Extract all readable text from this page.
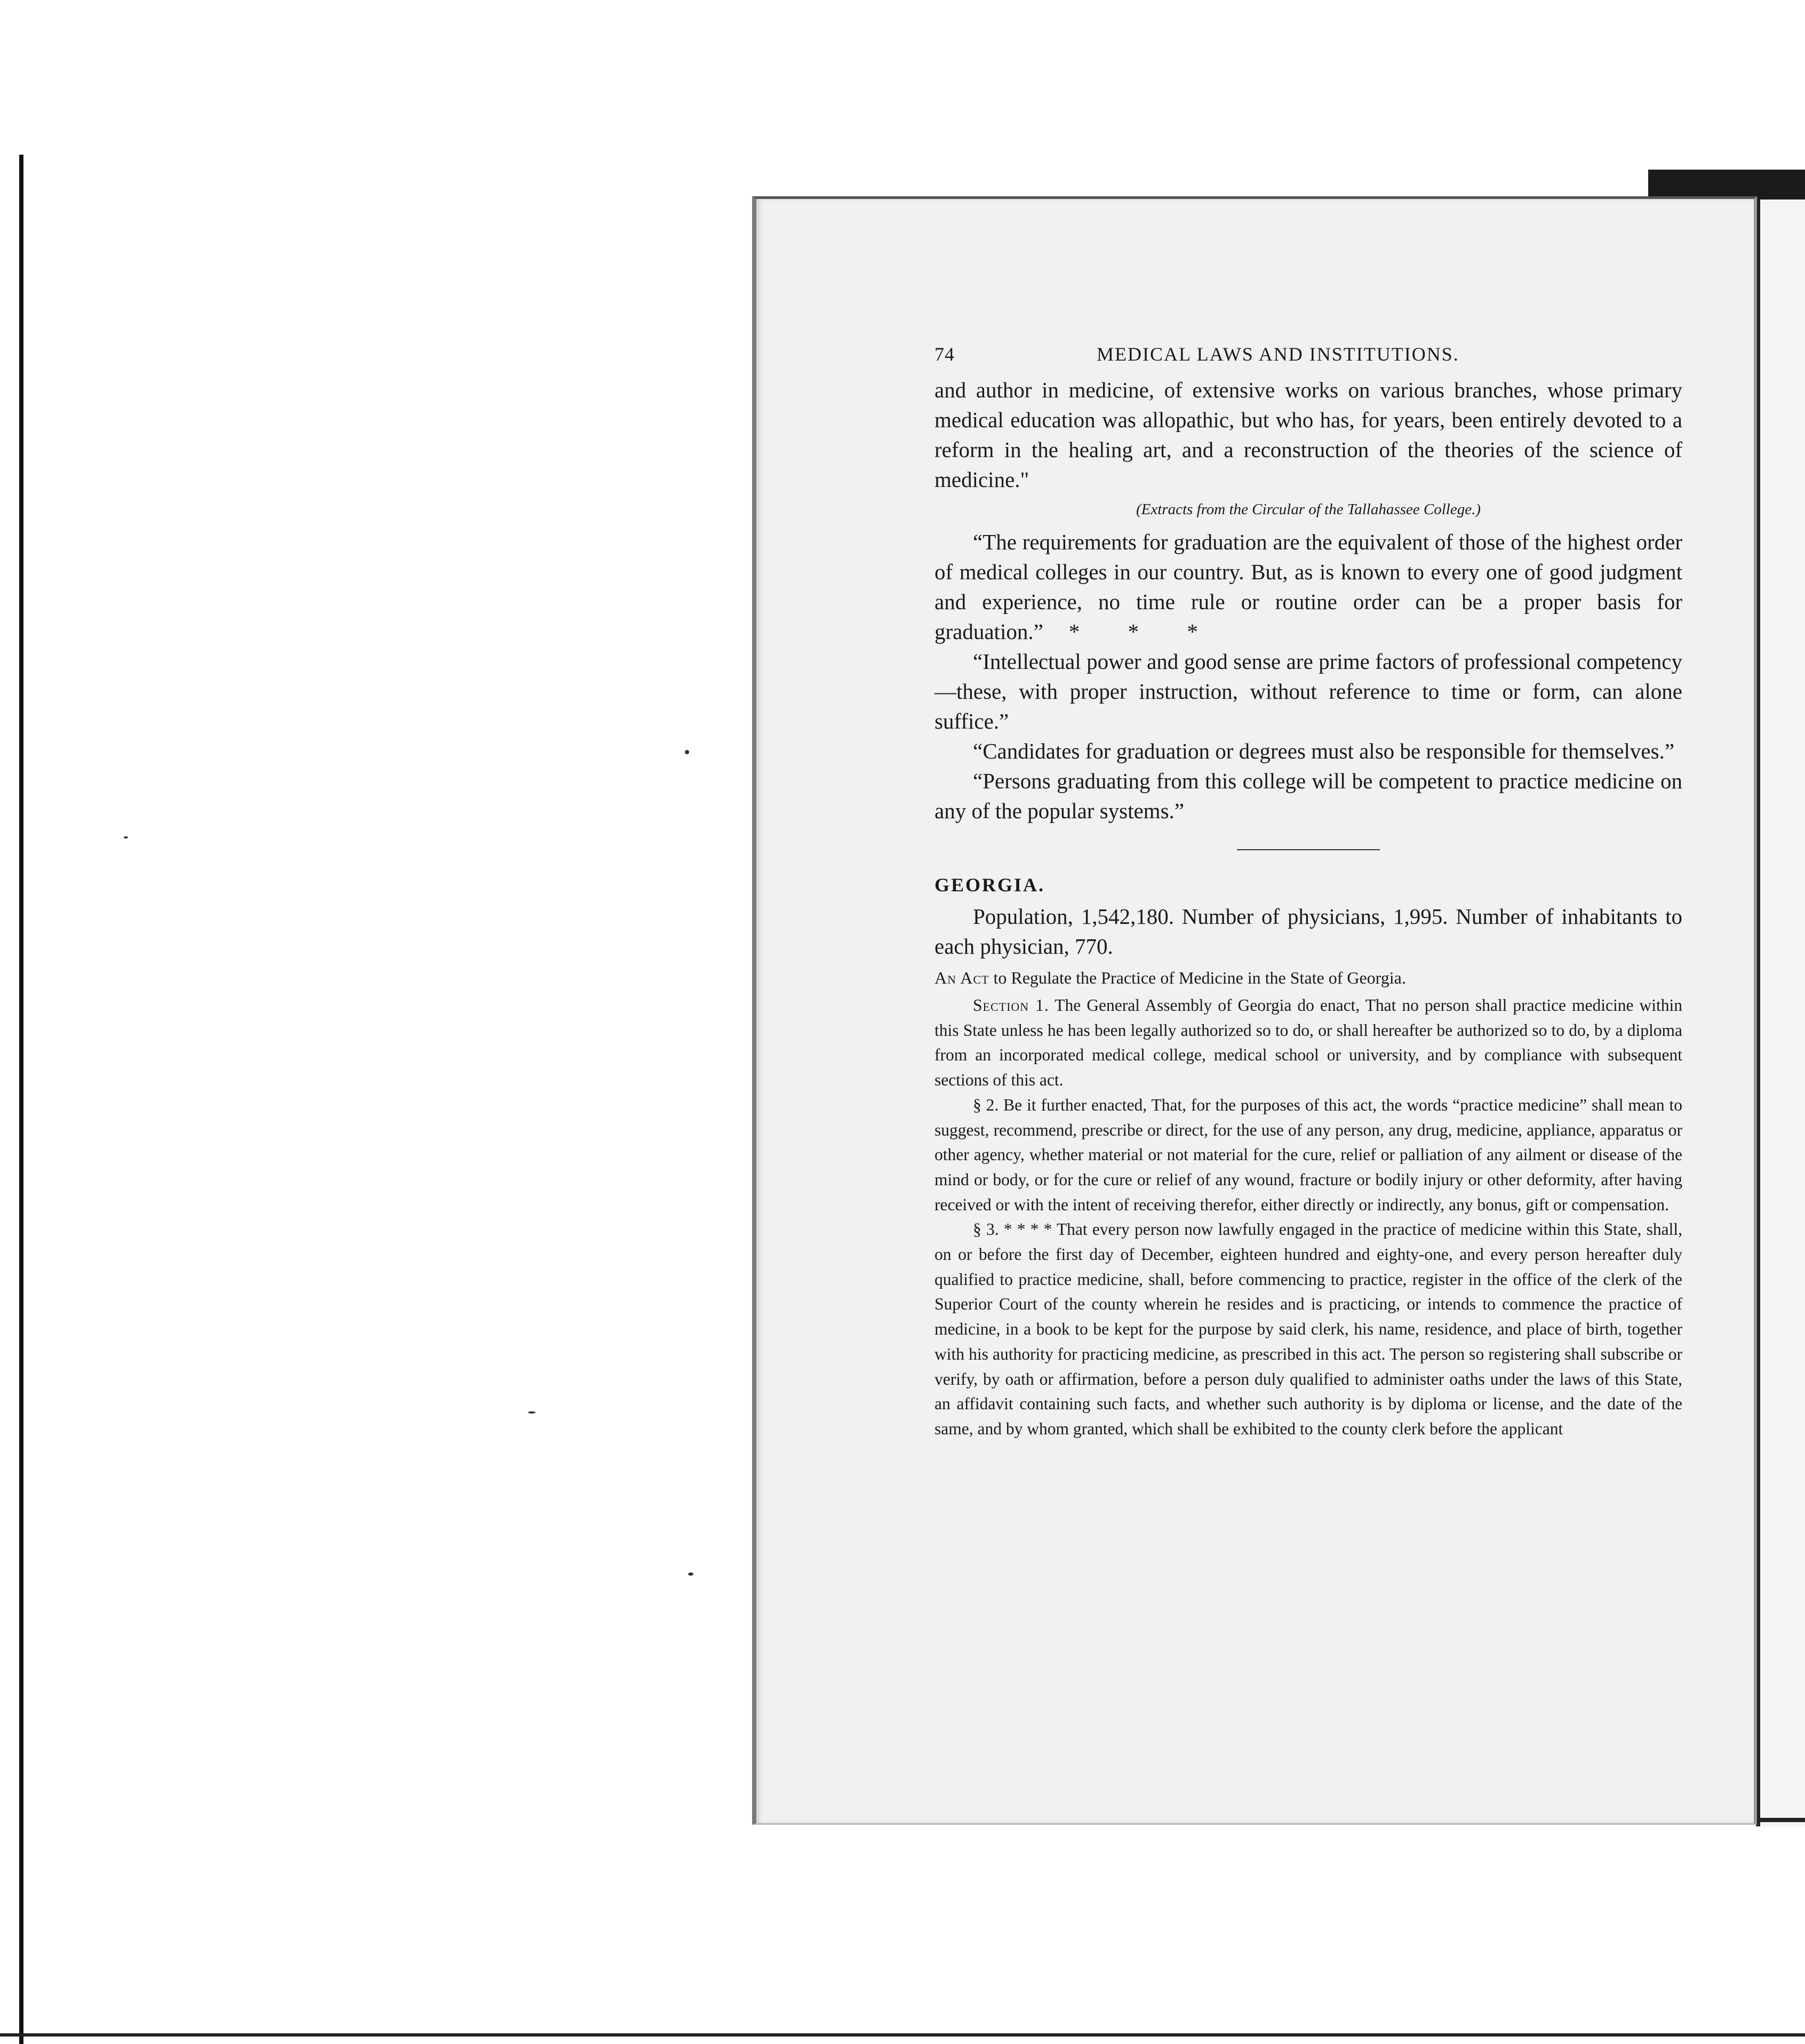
74	MEDICAL LAWS AND INSTITUTIONS.

and author in medicine, of extensive works on various branches, whose primary medical education was allopathic, but who has, for years, been entirely devoted to a reform in the healing art, and a reconstruction of the theories of the science of medicine."

(Extracts from the Circular of the Tallahassee College.)

“The requirements for graduation are the equivalent of those of the highest order of medical colleges in our country. But, as is known to every one of good judgment and experience, no time rule or routine order can be a proper basis for graduation.” * * *

“Intellectual power and good sense are prime factors of professional competency—these, with proper instruction, without reference to time or form, can alone suffice.”

“Candidates for graduation or degrees must also be responsible for themselves.”

“Persons graduating from this college will be competent to practice medicine on any of the popular systems.”

GEORGIA.

Population, 1,542,180. Number of physicians, 1,995. Number of inhabitants to each physician, 770.

An Act to Regulate the Practice of Medicine in the State of Georgia.

Section 1. The General Assembly of Georgia do enact, That no person shall practice medicine within this State unless he has been legally authorized so to do, or shall hereafter be authorized so to do, by a diploma from an incorporated medical college, medical school or university, and by compliance with subsequent sections of this act.

§ 2. Be it further enacted, That, for the purposes of this act, the words “practice medicine” shall mean to suggest, recommend, prescribe or direct, for the use of any person, any drug, medicine, appliance, apparatus or other agency, whether material or not material for the cure, relief or palliation of any ailment or disease of the mind or body, or for the cure or relief of any wound, fracture or bodily injury or other deformity, after having received or with the intent of receiving therefor, either directly or indirectly, any bonus, gift or compensation.

§ 3. * * * * That every person now lawfully engaged in the practice of medicine within this State, shall, on or before the first day of December, eighteen hundred and eighty-one, and every person hereafter duly qualified to practice medicine, shall, before commencing to practice, register in the office of the clerk of the Superior Court of the county wherein he resides and is practicing, or intends to commence the practice of medicine, in a book to be kept for the purpose by said clerk, his name, residence, and place of birth, together with his authority for practicing medicine, as prescribed in this act. The person so registering shall subscribe or verify, by oath or affirmation, before a person duly qualified to administer oaths under the laws of this State, an affidavit containing such facts, and whether such authority is by diploma or license, and the date of the same, and by whom granted, which shall be exhibited to the county clerk before the applicant
